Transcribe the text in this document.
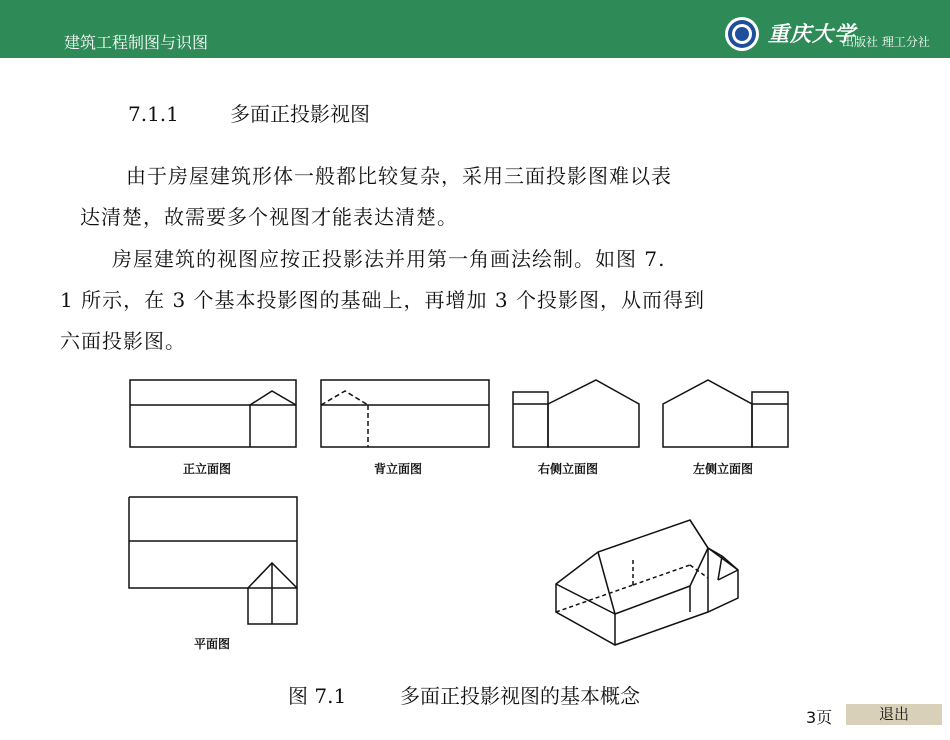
建筑工程制图与识图	重庆大学
出版社 理工分社
7.1.1	多面正投影视图
由于房屋建筑形体一般都比较复杂，采用三面投影图难以表
达清楚，故需要多个视图才能表达清楚。
房屋建筑的视图应按正投影法并用第一角画法绘制。如图 7.
1 所示，在 3 个基本投影图的基础上，再增加 3 个投影图，从而得到
六面投影图。
正立面图	背立面图	右侧立面图	左侧立面图
平面图
图 7.1	多面正投影视图的基本概念
3页	退出
